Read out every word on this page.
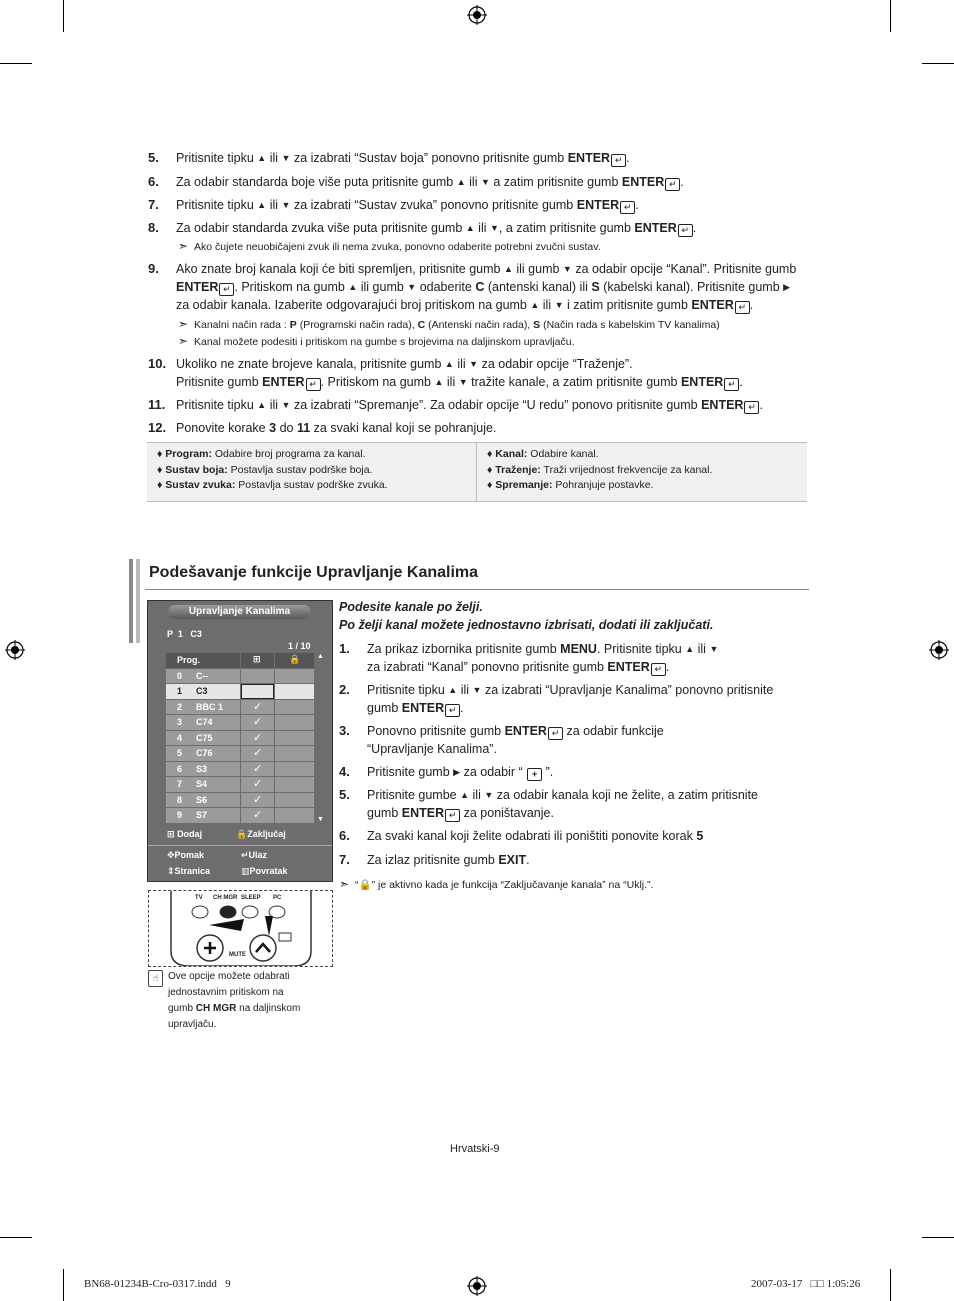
5. Pritisnite tipku ▲ ili ▼ za izabrati “Sustav boja” ponovno pritisnite gumb ENTER ↵ .
6. Za odabir standarda boje više puta pritisnite gumb ▲ ili ▼ a zatim pritisnite gumb ENTER ↵ .
7. Pritisnite tipku ▲ ili ▼ za izabrati “Sustav zvuka” ponovno pritisnite gumb ENTER ↵ .
8. Za odabir standarda zvuka više puta pritisnite gumb ▲ ili ▼, a zatim pritisnite gumb ENTER ↵ .
➣ Ako čujete neuobičajeni zvuk ili nema zvuka, ponovno odaberite potrebni zvučni sustav.
9. Ako znate broj kanala koji će biti spremljen, pritisnite gumb ▲ ili gumb ▼ za odabir opcije “Kanal”. Pritisnite gumb
ENTER ↵ . Pritiskom na gumb ▲ ili gumb ▼ odaberite C (antenski kanal) ili S (kabelski kanal). Pritisnite gumb ▶
za odabir kanala. Izaberite odgovarajući broj pritiskom na gumb ▲ ili ▼ i zatim pritisnite gumb ENTER ↵ .
➣ Kanalni način rada : P (Programski način rada), C (Antenski način rada), S (Način rada s kabelskim TV kanalima)
➣ Kanal možete podesiti i pritiskom na gumbe s brojevima na daljinskom upravljaču.
10. Ukoliko ne znate brojeve kanala, pritisnite gumb ▲ ili ▼ za odabir opcije “Traženje”.
Pritisnite gumb ENTER ↵ . Pritiskom na gumb ▲ ili ▼ tražite kanale, a zatim pritisnite gumb ENTER ↵ .
11. Pritisnite tipku ▲ ili ▼ za izabrati “Spremanje”. Za odabir opcije “U redu” ponovo pritisnite gumb ENTER ↵ .
12. Ponovite korake 3 do 11 za svaki kanal koji se pohranjuje.
♦ Program: Odabire broj programa za kanal.
♦ Sustav boja: Postavlja sustav podrške boja.
♦ Sustav zvuka: Postavlja sustav podrške zvuka.
♦ Kanal: Odabire kanal.
♦ Traženje: Traži vrijednost frekvencije za kanal.
♦ Spremanje: Pohranjuje postavke.
Podešavanje funkcije Upravljanje Kanalima
Upravljanje Kanalima
P  1   C3
1 / 10
Prog.	⊞	🔒
0 C--
1 C3
2 BBC 1	✓
3 C74	✓
4 C75	✓
5 C76	✓
6 S3	✓
7 S4	✓
8 S6	✓
9 S7	✓
▲
▼
⊞ Dodaj	🔒Zaključaj
✥Pomak	↵Ulaz
⇕Stranica	▥Povratak
TV CH MGR SLEEP PC
MUTE
☝ Ove opcije možete odabrati
jednostavnim pritiskom na
gumb CH MGR na daljinskom
upravljaču.
Podesite kanale po želji.
Po želji kanal možete jednostavno izbrisati, dodati ili zaključati.
1. Za prikaz izbornika pritisnite gumb MENU. Pritisnite tipku ▲ ili ▼
za izabrati “Kanal” ponovno pritisnite gumb ENTER ↵ .
2. Pritisnite tipku ▲ ili ▼ za izabrati “Upravljanje Kanalima” ponovno pritisnite
gumb ENTER ↵ .
3. Ponovno pritisnite gumb ENTER ↵ za odabir funkcije
“Upravljanje Kanalima”.
4. Pritisnite gumb ▶ za odabir “ + ”.
5. Pritisnite gumbe ▲ ili ▼ za odabir kanala koji ne želite, a zatim pritisnite
gumb ENTER ↵ za poništavanje.
6. Za svaki kanal koji želite odabrati ili poništiti ponovite korak 5
7. Za izlaz pritisnite gumb EXIT.
➣ “🔒” je aktivno kada je funkcija “Zaključavanje kanala” na “Uklj.”.
Hrvatski-9
BN68-01234B-Cro-0317.indd   9	2007-03-17   □□ 1:05:26
